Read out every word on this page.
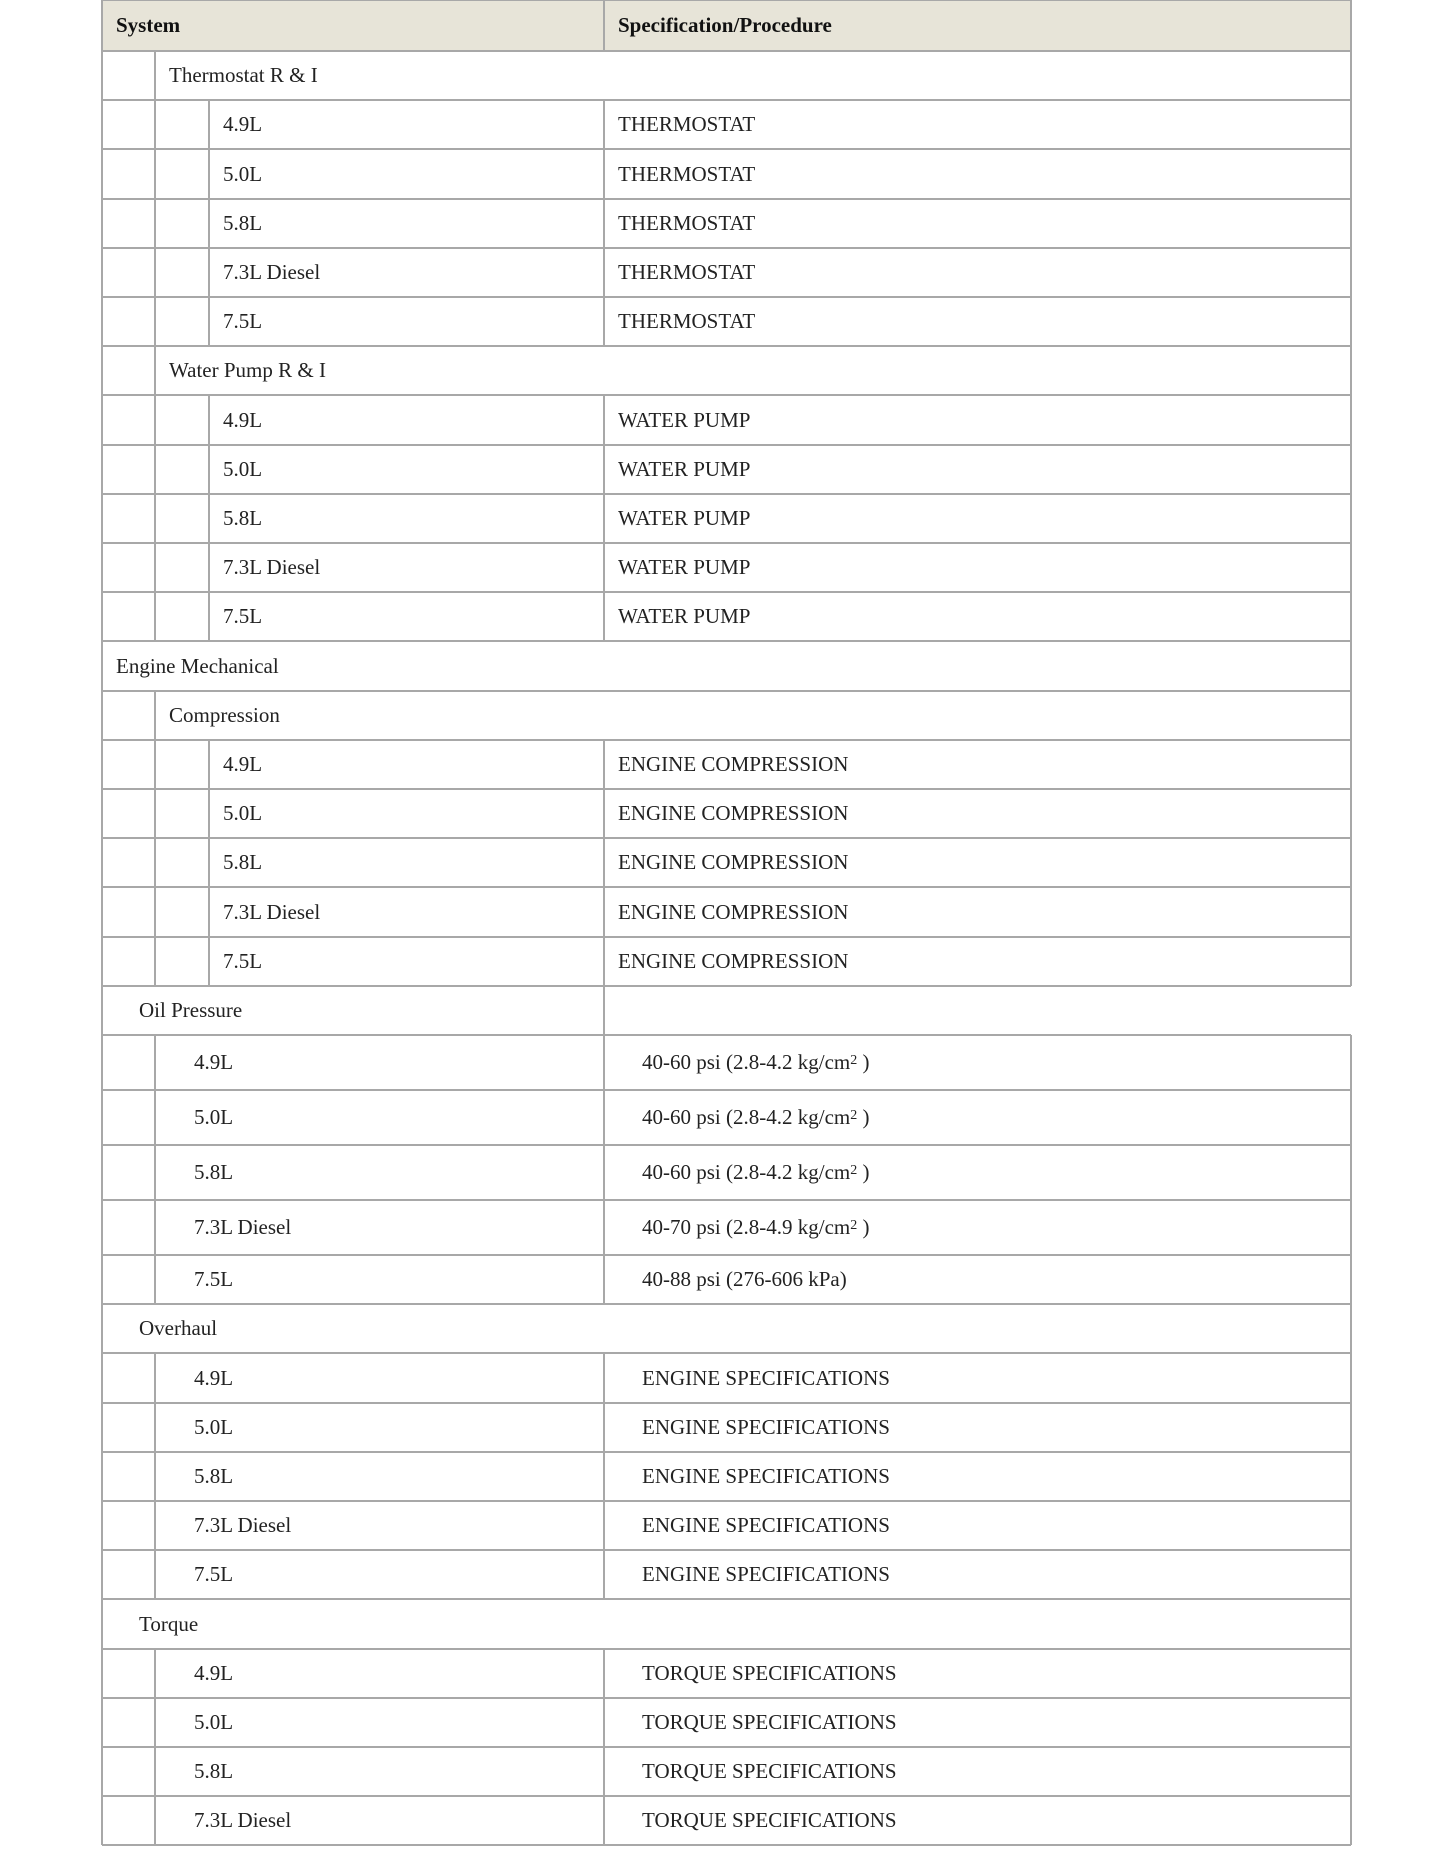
System	Specification/Procedure
Thermostat R & I
4.9L	THERMOSTAT
5.0L	THERMOSTAT
5.8L	THERMOSTAT
7.3L Diesel	THERMOSTAT
7.5L	THERMOSTAT
Water Pump R & I
4.9L	WATER PUMP
5.0L	WATER PUMP
5.8L	WATER PUMP
7.3L Diesel	WATER PUMP
7.5L	WATER PUMP
Engine Mechanical
Compression
4.9L	ENGINE COMPRESSION
5.0L	ENGINE COMPRESSION
5.8L	ENGINE COMPRESSION
7.3L Diesel	ENGINE COMPRESSION
7.5L	ENGINE COMPRESSION
Oil Pressure
4.9L	40-60 psi (2.8-4.2 $kg/cm^2$ )
5.0L	40-60 psi (2.8-4.2 $kg/cm^2$ )
5.8L	40-60 psi (2.8-4.2 $kg/cm^2$ )
7.3L Diesel	40-70 psi (2.8-4.9 $kg/cm^2$ )
7.5L	40-88 psi (276-606 kPa)
Overhaul
4.9L	ENGINE SPECIFICATIONS
5.0L	ENGINE SPECIFICATIONS
5.8L	ENGINE SPECIFICATIONS
7.3L Diesel	ENGINE SPECIFICATIONS
7.5L	ENGINE SPECIFICATIONS
Torque
4.9L	TORQUE SPECIFICATIONS
5.0L	TORQUE SPECIFICATIONS
5.8L	TORQUE SPECIFICATIONS
7.3L Diesel	TORQUE SPECIFICATIONS
